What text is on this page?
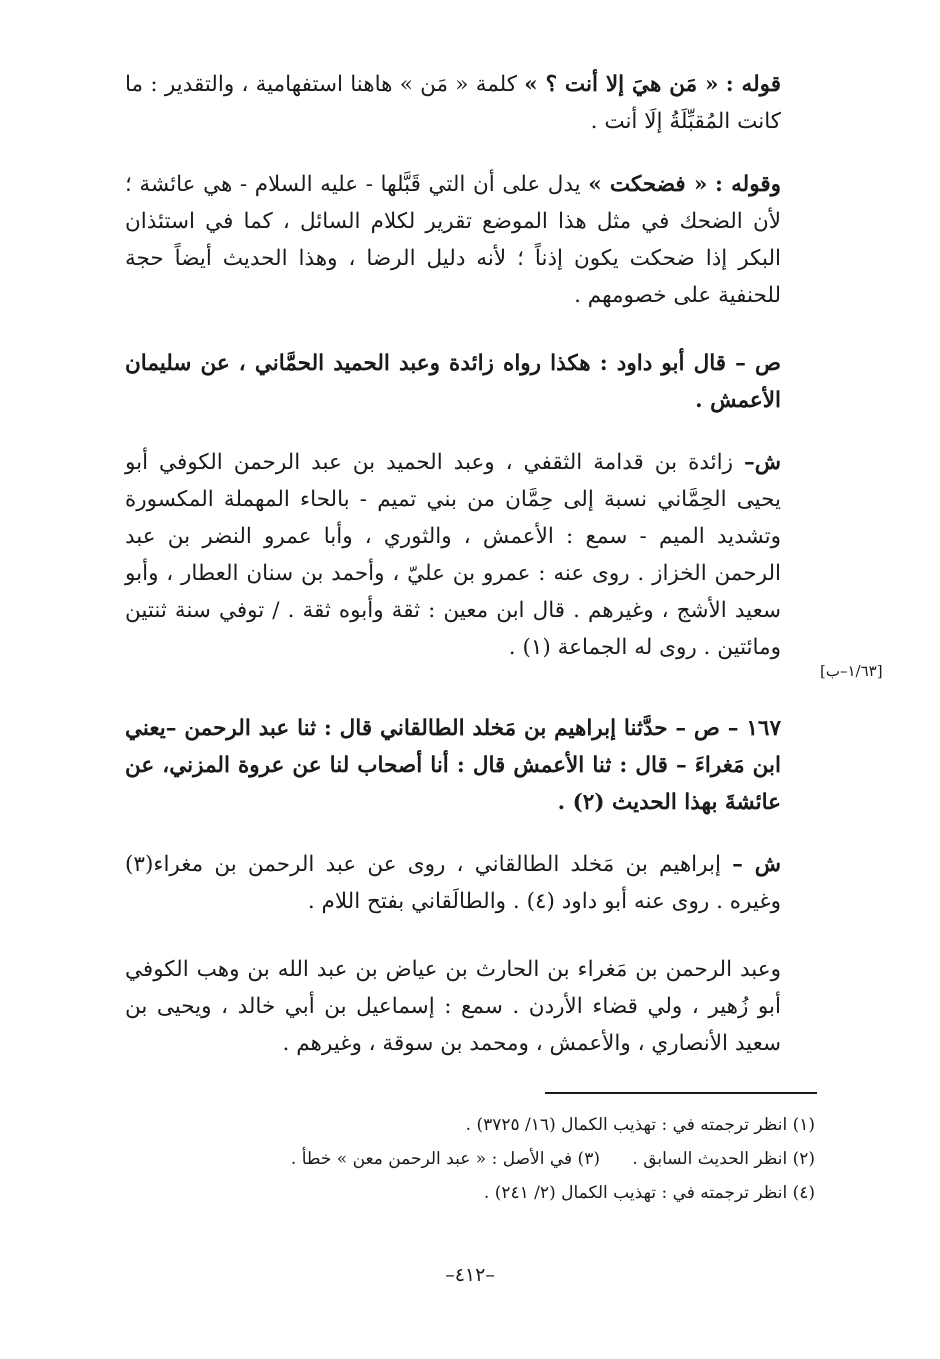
قوله : « مَن هيَ إلا أنت ؟ » كلمة « مَن » هاهنا استفهامية ، والتقدير : ما كانت المُقبِّلَةُ إلَا أنت .

وقوله : « فضحكت » يدل على أن التي قَبَّلها - عليه السلام - هي عائشة ؛ لأن الضحك في مثل هذا الموضع تقرير لكلام السائل ، كما في استئذان البكر إذا ضحكت يكون إذناً ؛ لأنه دليل الرضا ، وهذا الحديث أيضاً حجة للحنفية على خصومهم .

ص – قال أبو داود : هكذا رواه زائدة وعبد الحميد الحمَّاني ، عن سليمان الأعمش .

ش– زائدة بن قدامة الثقفي ، وعبد الحميد بن عبد الرحمن الكوفي أبو يحيى الحِمَّاني نسبة إلى حِمَّان من بني تميم - بالحاء المهملة المكسورة وتشديد الميم - سمع : الأعمش ، والثوري ، وأبا عمرو النضر بن عبد الرحمن الخزاز . روى عنه : عمرو بن عليّ ، وأحمد بن سنان العطار ، وأبو سعيد الأشج ، وغيرهم . قال ابن معين : ثقة وأبوه ثقة . / توفي سنة ثنتين ومائتين . روى له الجماعة (١) .

[١/٦٣–ب]

١٦٧ – ص – حدَّثنا إبراهيم بن مَخلد الطالقاني قال : ثنا عبد الرحمن –يعني ابن مَغراءَ – قال : ثنا الأعمش قال : أنا أصحاب لنا عن عروة المزني، عن عائشةَ بهذا الحديث (٢) .

ش – إبراهيم بن مَخلد الطالقاني ، روى عن عبد الرحمن بن مغراء(٣) وغيره . روى عنه أبو داود (٤) . والطالَقاني بفتح اللام .

وعبد الرحمن بن مَغراء بن الحارث بن عياض بن عبد الله بن وهب الكوفي أبو زُهير ، ولي قضاء الأردن . سمع : إسماعيل بن أبي خالد ، ويحيى بن سعيد الأنصاري ، والأعمش ، ومحمد بن سوقة ، وغيرهم .

(١) انظر ترجمته في : تهذيب الكمال (١٦/ ٣٧٢٥) .

(٢) انظر الحديث السابق .      (٣) في الأصل : « عبد الرحمن معن » خطأ .

(٤) انظر ترجمته في : تهذيب الكمال (٢/ ٢٤١) .

–٤١٢–
